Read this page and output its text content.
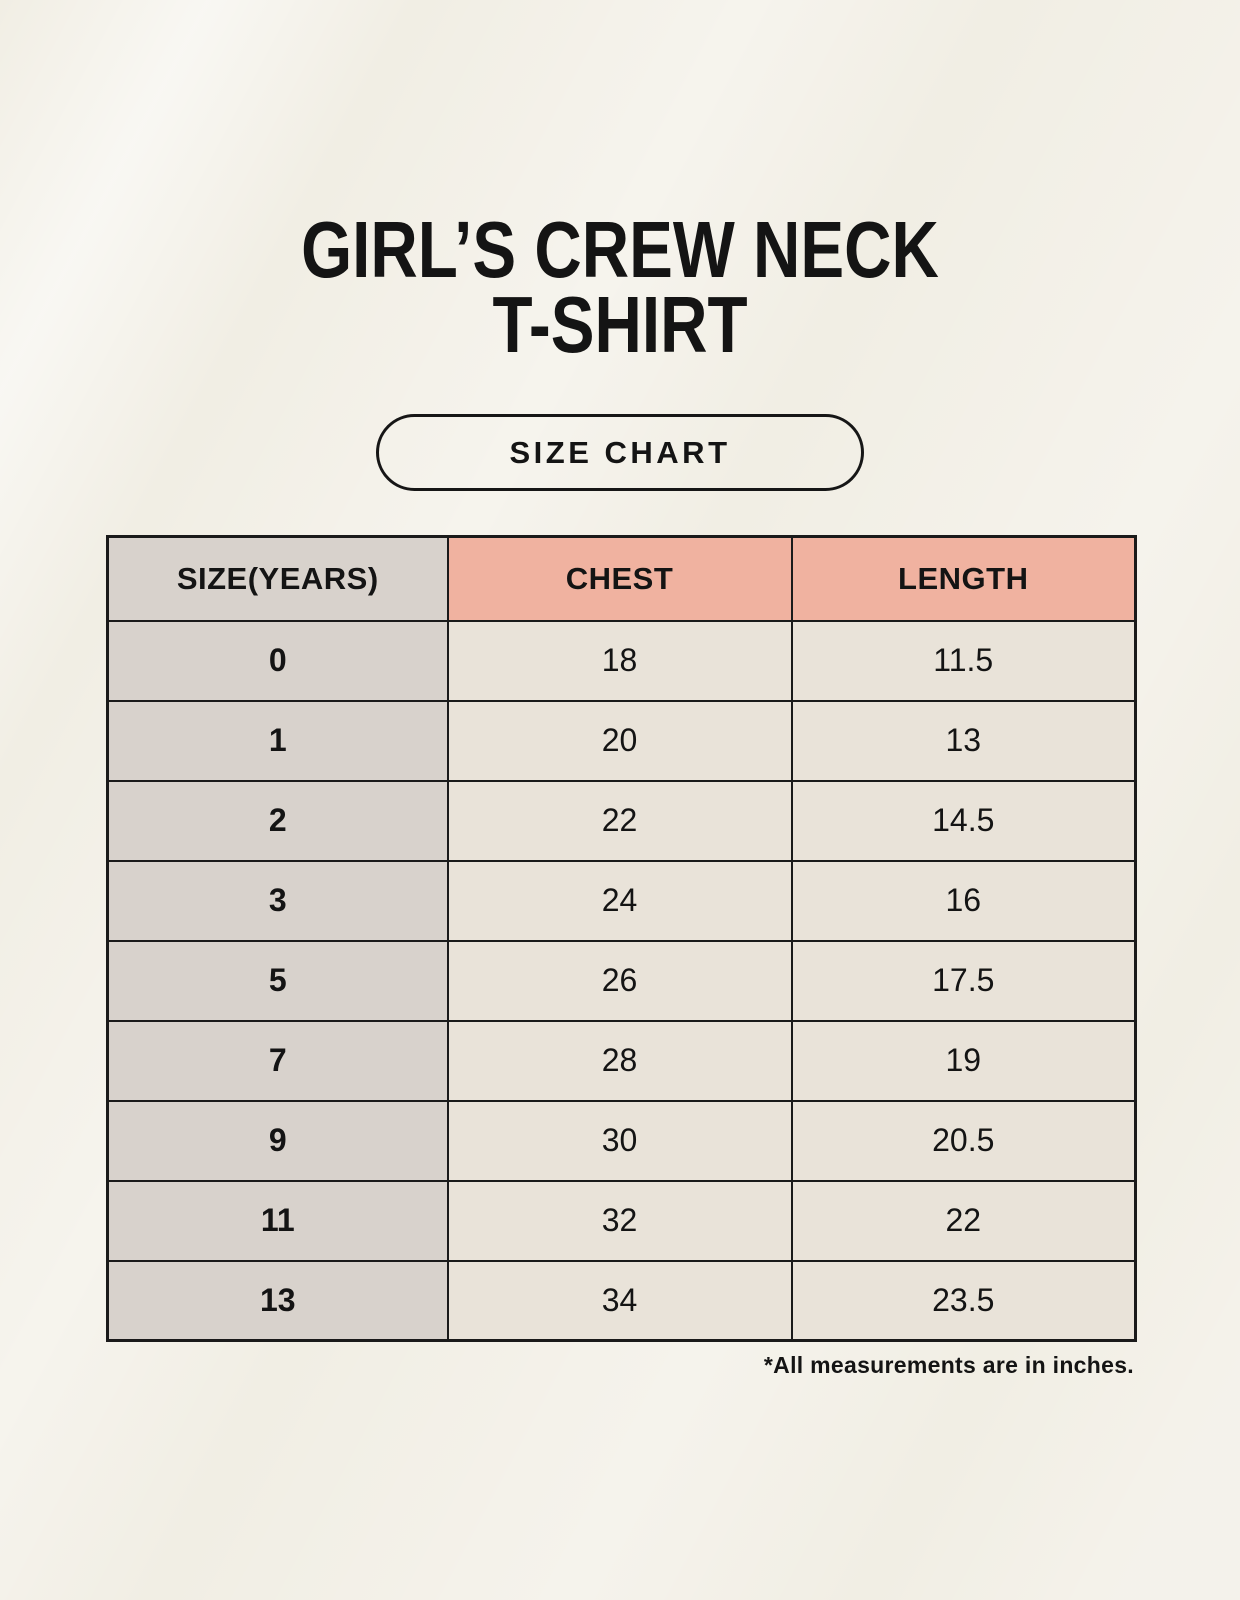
GIRL’S CREW NECK
T-SHIRT
SIZE CHART
SIZE(YEARS)	CHEST	LENGTH
0	18	11.5
1	20	13
2	22	14.5
3	24	16
5	26	17.5
7	28	19
9	30	20.5
11	32	22
13	34	23.5

*All measurements are in inches.
